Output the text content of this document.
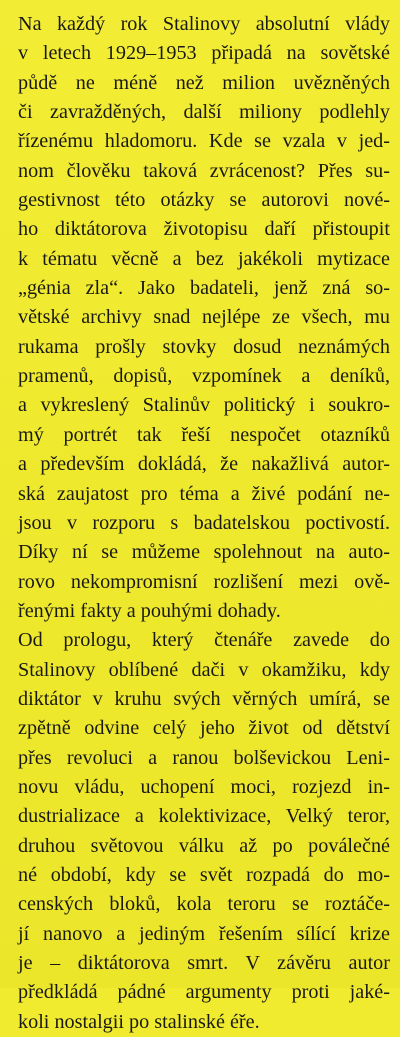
Na každý rok Stalinovy absolutní vlády
v letech 1929–1953 připadá na sovětské
půdě ne méně než milion uvězněných
či zavražděných, další miliony podlehly
řízenému hladomoru. Kde se vzala v jed-
nom člověku taková zvrácenost? Přes su-
gestivnost této otázky se autorovi nové-
ho diktátorova životopisu daří přistoupit
k tématu věcně a bez jakékoli mytizace
„génia zla“. Jako badateli, jenž zná so-
větské archivy snad nejlépe ze všech, mu
rukama prošly stovky dosud neznámých
pramenů, dopisů, vzpomínek a deníků,
a vykreslený Stalinův politický i soukro-
mý portrét tak řeší nespočet otazníků
a především dokládá, že nakažlivá autor-
ská zaujatost pro téma a živé podání ne-
jsou v rozporu s badatelskou poctivostí.
Díky ní se můžeme spolehnout na auto-
rovo nekompromisní rozlišení mezi ově-
řenými fakty a pouhými dohady.
Od prologu, který čtenáře zavede do
Stalinovy oblíbené dači v okamžiku, kdy
diktátor v kruhu svých věrných umírá, se
zpětně odvine celý jeho život od dětství
přes revoluci a ranou bolševickou Leni-
novu vládu, uchopení moci, rozjezd in-
dustrializace a kolektivizace, Velký teror,
druhou světovou válku až po poválečné
né období, kdy se svět rozpadá do mo-
cenských bloků, kola teroru se roztáče-
jí nanovo a jediným řešením sílící krize
je – diktátorova smrt. V závěru autor
předkládá pádné argumenty proti jaké-
koli nostalgii po stalinské éře.
